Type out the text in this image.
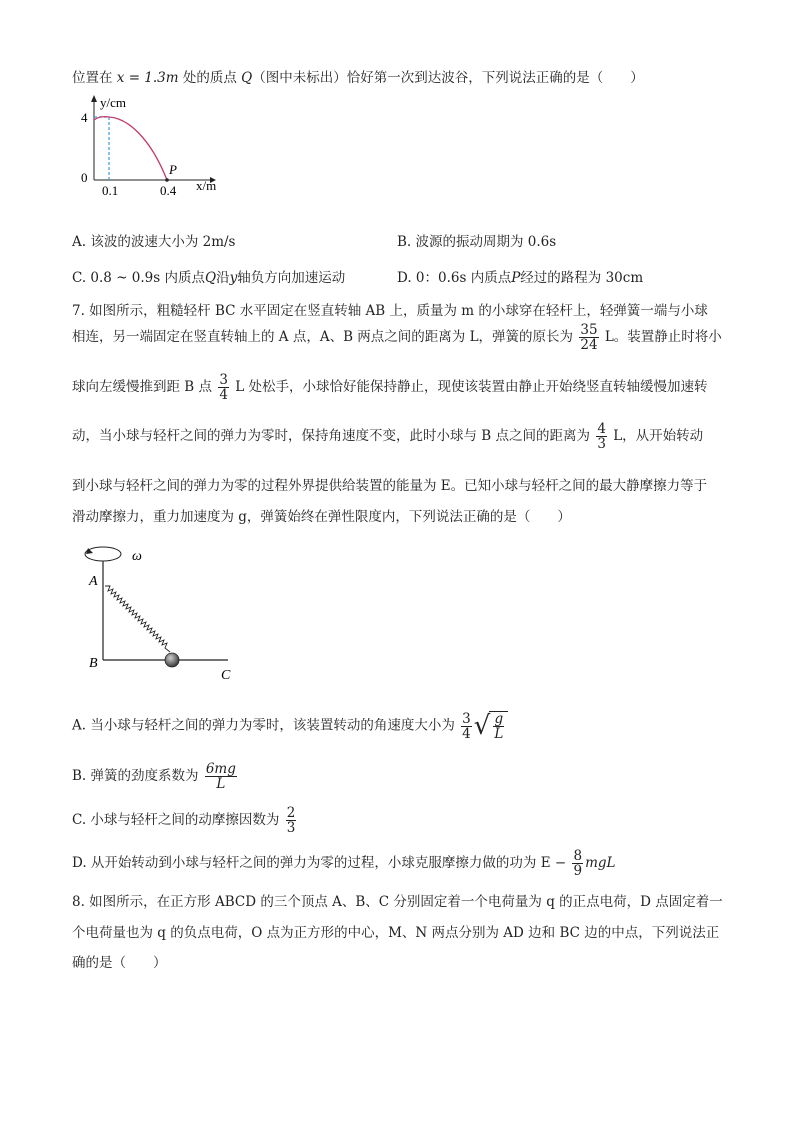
位置在 x = 1.3m 处的质点 Q（图中未标出）恰好第一次到达波谷，下列说法正确的是（　　）
y/cm
x/m
4
0
0.1	0.4
P
A. 该波的波速大小为 2m/s	B. 波源的振动周期为 0.6s
C. 0.8 ~ 0.9s 内质点Q沿y轴负方向加速运动	D. 0：0.6s 内质点P经过的路程为 30cm
7. 如图所示，粗糙轻杆 BC 水平固定在竖直转轴 AB 上，质量为 m 的小球穿在轻杆上，轻弹簧一端与小球
相连，另一端固定在竖直转轴上的 A 点，A、B 两点之间的距离为 L，弹簧的原长为 $\frac{35}{24}$ L。装置静止时将小
球向左缓慢推到距 B 点 $\frac{3}{4}$ L 处松手，小球恰好能保持静止，现使该装置由静止开始绕竖直转轴缓慢加速转
动，当小球与轻杆之间的弹力为零时，保持角速度不变，此时小球与 B 点之间的距离为 $\frac{4}{3}$ L，从开始转动
到小球与轻杆之间的弹力为零的过程外界提供给装置的能量为 E。已知小球与轻杆之间的最大静摩擦力等于
滑动摩擦力，重力加速度为 g，弹簧始终在弹性限度内，下列说法正确的是（　　）
ω
A
B
C
A. 当小球与轻杆之间的弹力为零时，该装置转动的角速度大小为 $\frac{3}{4}$ √ $\frac{g}{L}$
B. 弹簧的劲度系数为 $\frac{6mg}{L}$
C. 小球与轻杆之间的动摩擦因数为 $\frac{2}{3}$
D. 从开始转动到小球与轻杆之间的弹力为零的过程，小球克服摩擦力做的功为 $E - \frac{8}{9}$ mgL
8. 如图所示，在正方形 ABCD 的三个顶点 A、B、C 分别固定着一个电荷量为 q 的正点电荷，D 点固定着一
个电荷量也为 q 的负点电荷，O 点为正方形的中心，M、N 两点分别为 AD 边和 BC 边的中点，下列说法正
确的是（　　）
